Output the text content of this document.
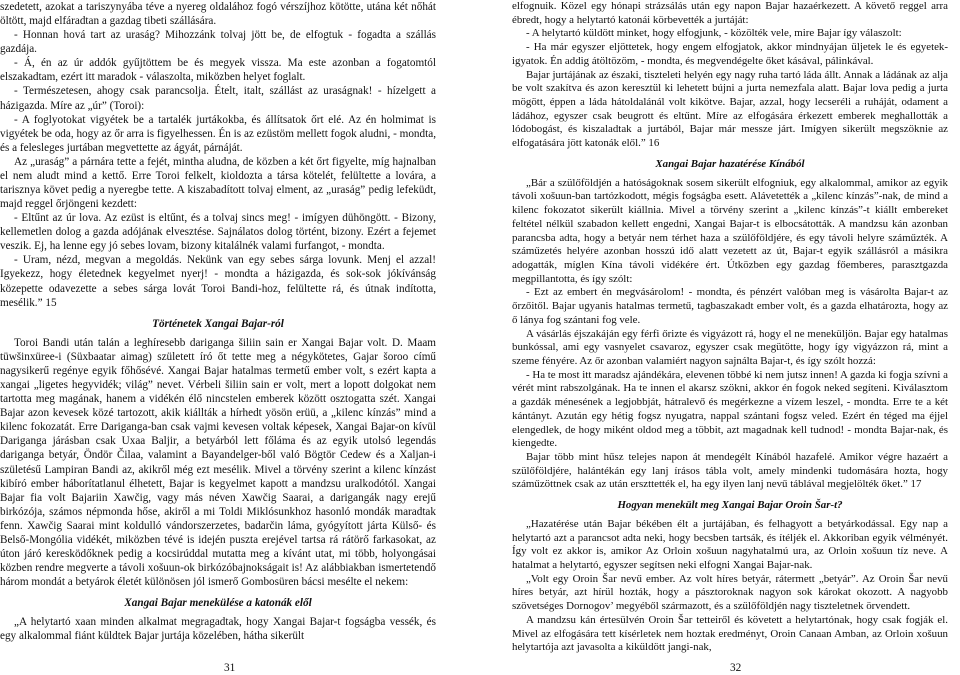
szedetett, azokat a tariszynyába téve a nyereg oldalához fogó vérszíjhoz kötötte, utána két nőhát öltött, majd elfáradtan a gazdag tibeti szállására.

- Honnan hová tart az uraság? Mihozzánk tolvaj jött be, de elfogtuk - fogadta a szállás gazdája.

- Á, én az úr addók gyűjtöttem be és megyek vissza. Ma este azonban a fogatomtól elszakadtam, ezért itt maradok - válaszolta, miközben helyet foglalt.

- Természetesen, ahogy csak parancsolja. Ételt, italt, szállást az uraságnak! - hízelgett a házigazda. Míre az „úr” (Toroi):

- A foglyotokat vigyétek be a tartalék jurtákokba, és állítsatok őrt elé. Az én holmimat is vigyétek be oda, hogy az őr arra is figyelhessen. Én is az ezüstöm mellett fogok aludni, - mondta, és a felesleges jurtában megvettette az ágyát, párnáját.

Az „uraság” a párnára tette a fejét, mintha aludna, de közben a két őrt figyelte, míg hajnalban el nem aludt mind a kettő. Erre Toroi felkelt, kioldozta a társa kötelét, felültette a lovára, a tarisznya követ pedig a nyeregbe tette. A kiszabadított tolvaj elment, az „uraság” pedig lefeküdt, majd reggel őrjöngeni kezdett:

- Eltűnt az úr lova. Az ezüst is eltűnt, és a tolvaj sincs meg! - imígyen dühöngött. - Bizony, kellemetlen dolog a gazda adójának elvesztése. Sajnálatos dolog történt, bizony. Ezért a fejemet veszik. Ej, ha lenne egy jó sebes lovam, bizony kitalálnék valami furfangot, - mondta.

- Uram, nézd, megvan a megoldás. Nekünk van egy sebes sárga lovunk. Menj el azzal! Igyekezz, hogy életednek kegyelmet nyerj! - mondta a házigazda, és sok-sok jókívánság közepette odavezette a sebes sárga lovát Toroi Bandi-hoz, felültette rá, és útnak indította, mesélik.” 15

Történetek Xangai Bajar-ról

Toroi Bandi után talán a leghíresebb darigangа šiliin sain er Xangai Bajar volt. D. Maam tüwšinxüree-i (Süxbaatar aimag) született író őt tette meg a négykötetes, Gajar šoroo című nagysikerű regénye egyik főhősévé. Xangai Bajar hatalmas termetű ember volt, s ezért kapta a xangai „ligetes hegyvidék; világ” nevet. Vérbeli šiliin sain er volt, mert a lopott dolgokat nem tartotta meg magának, hanem a vidékén élő nincstelen emberek között osztogatta szét. Xangai Bajar azon kevesek közé tartozott, akik kiállták a hírhedt yösön erüü, a „kilenc kínzás” mind a kilenc fokozatát. Erre Dariganga-ban csak vajmi kevesen voltak képesek, Xangai Bajar-on kívül Dariganga járásban csak Uxaa Baljir, a betyárból lett főláma és az egyik utolsó legendás darigangа betyár, Öndör Čilaa, valamint a Bayandelger-ből való Bögtör Cedew és a Xaljan-i születésű Lampiran Bandi az, akikről még ezt mesélik. Mivel a törvény szerint a kilenc kínzást kibíró ember háborítatlanul élhetett, Bajar is kegyelmet kapott a mandzsu uralkodótól. Xangai Bajar fia volt Bajariin Xawčig, vagy más néven Xawčig Saarai, a darigangák nagy erejű birkózója, számos népmonda hőse, akiről a mi Toldi Miklósunkhoz hasonló mondák maradtak fenn. Xawčig Saarai mint koldulló vándorszerzetes, badarčin láma, gyógyított járta Külső- és Belső-Mongólia vidékét, miközben tévé is idején puszta erejével tartsa rá rátörő farkasokat, az úton járó keresködőknek pedig a kocsirúddal mutatta meg a kívánt utat, mi több, holyongásai közben rendre megverte a távoli xošuun-ok birkózóbajnokságait is! Az alábbiakban ismertetendő három mondát a betyárok életét különösen jól ismerő Gombosüren bácsi mesélte el nekem:

Xangai Bajar menekülése a katonák elől

„A helytartó xaan minden alkalmat megragadtak, hogy Xangai Bajar-t fogságba vessék, és egy alkalommal fiánt küldtek Bajar jurtája közelében, hátha sikerült

elfognuik. Közel egy hónapi strázsálás után egy napon Bajar hazaérkezett. A követő reggel arra ébredt, hogy a helytartó katonái körbevették a jurtáját:

- A helytartó küldött minket, hogy elfogjunk, - közölték vele, mire Bajar így válaszolt:

- Ha már egyszer eljöttetek, hogy engem elfogjatok, akkor mindnyájan üljetek le és egyetek-igyatok. Én addig átöltözöm, - mondta, és megvendégelte őket kásával, pálinkával.

Bajar jurtájának az északi, tiszteleti helyén egy nagy ruha tartó láda állt. Annak a ládának az alja be volt szakítva és azon keresztül ki lehetett bújni a jurta nemezfala alatt. Bajar lova pedig a jurta mögött, éppen a láda hátoldalánál volt kikötve. Bajar, azzal, hogy lecseréli a ruháját, odament a ládához, egyszer csak beugrott és eltűnt. Míre az elfogására érkezett emberek meghallották a lódobogást, és kiszaladtak a jurtából, Bajar már messze járt. Imígyen sikerült megszöknie az elfogatására jött katonák elől.” 16

Xangai Bajar hazatérése Kínából

„Bár a szülőföldjén a hatóságoknak sosem sikerült elfogniuk, egy alkalommal, amikor az egyik távoli xošuun-ban tartózkodott, mégis fogságba esett. Alávetették a „kilenc kínzás”-nak, de mind a kilenc fokozatot sikerült kiállnia. Mivel a törvény szerint a „kilenc kínzás”-t kiállt embereket feltétel nélkül szabadon kellett engedni, Xangai Bajar-t is elbocsátották. A mandzsu kán azonban parancsba adta, hogy a betyár nem térhet haza a szülőföldjére, és egy távoli helyre száműzték. A száműzetés helyére azonban hosszú idő alatt vezetett az út, Bajar-t egyik szállásról a másikra adogatták, míglen Kína távoli vidékére ért. Útközben egy gazdag főemberes, parasztgazda megpillantotta, és így szólt:

- Ezt az embert én megvásárolom! - mondta, és pénzért valóban meg is vásárolta Bajar-t az őrzőitől. Bajar ugyanis hatalmas termetű, tagbaszakadt ember volt, és a gazda elhatározta, hogy az ő lánya fog szántani fog vele.

A vásárlás éjszakáján egy férfi őrizte és vigyázott rá, hogy el ne meneküljön. Bajar egy hatalmas bunkóssal, ami egy vasnyelet csavaroz, egyszer csak megütötte, hogy így vigyázzon rá, mint a szeme fényére. Az őr azonban valamiért nagyon sajnálta Bajar-t, és így szólt hozzá:

- Ha te most itt maradsz ajándékára, elevenen többé ki nem jutsz innen! A gazda ki fogja szívni a vérét mint rabszolgának. Ha te innen el akarsz szökni, akkor én fogok neked segíteni. Kiválasztom a gazdák ménesének a legjobbját, hátralevő és megérkezne a vízem leszel, - mondta. Erre te a két kántányt. Azután egy hétig fogsz nyugatra, nappal szántani fogsz veled. Ezért én téged ma éjjel elengedlek, de hogy miként oldod meg a többit, azt magadnak kell tudnod! - mondta Bajar-nak, és kiengedte.

Bajar több mint hűsz telejes napon át mendegélt Kínából hazafelé. Amikor végre hazaért a szülőföldjére, halántékán egy lanj írásos tábla volt, amely mindenki tudomására hozta, hogy száműzöttnek csak az után erszttették el, ha egy ilyen lanj nevű táblával megjelölték őket.” 17

Hogyan menekült meg Xangai Bajar Oroin Šar-t?

„Hazatérése után Bajar békében élt a jurtájában, és felhagyott a betyárkodással. Egy nap a helytartó azt a parancsot adta neki, hogy becsben tartsák, és ítéljék el. Akkoriban egyik vélményét. Így volt ez akkor is, amikor Az Orloin xošuun nagyhatalmú ura, az Orloin xošuun tíz neve. A hatalmat a helytartó, egyszer segítsen neki elfogni Xangai Bajar-nak.

„Volt egy Oroin Šar nevű ember. Az volt híres betyár, rátermett „betyár”. Az Oroin Šar nevű híres betyár, azt hírül hozták, hogy a pásztoroknak nagyon sok károkat okozott. A nagyobb szövetséges Dornogov’ megyéből származott, és a szülőföldjén nagy tiszteletnek örvendett.

A mandzsu kán értesülvén Oroin Šar tetteiről és követett a helytartónak, hogy csak fogják el. Mivel az elfogására tett kísérletek nem hoztak eredményt, Oroin Canaan Amban, az Orloin xošuun helytartója azt javasolta a kiküldött jangi-nak,

31	32
